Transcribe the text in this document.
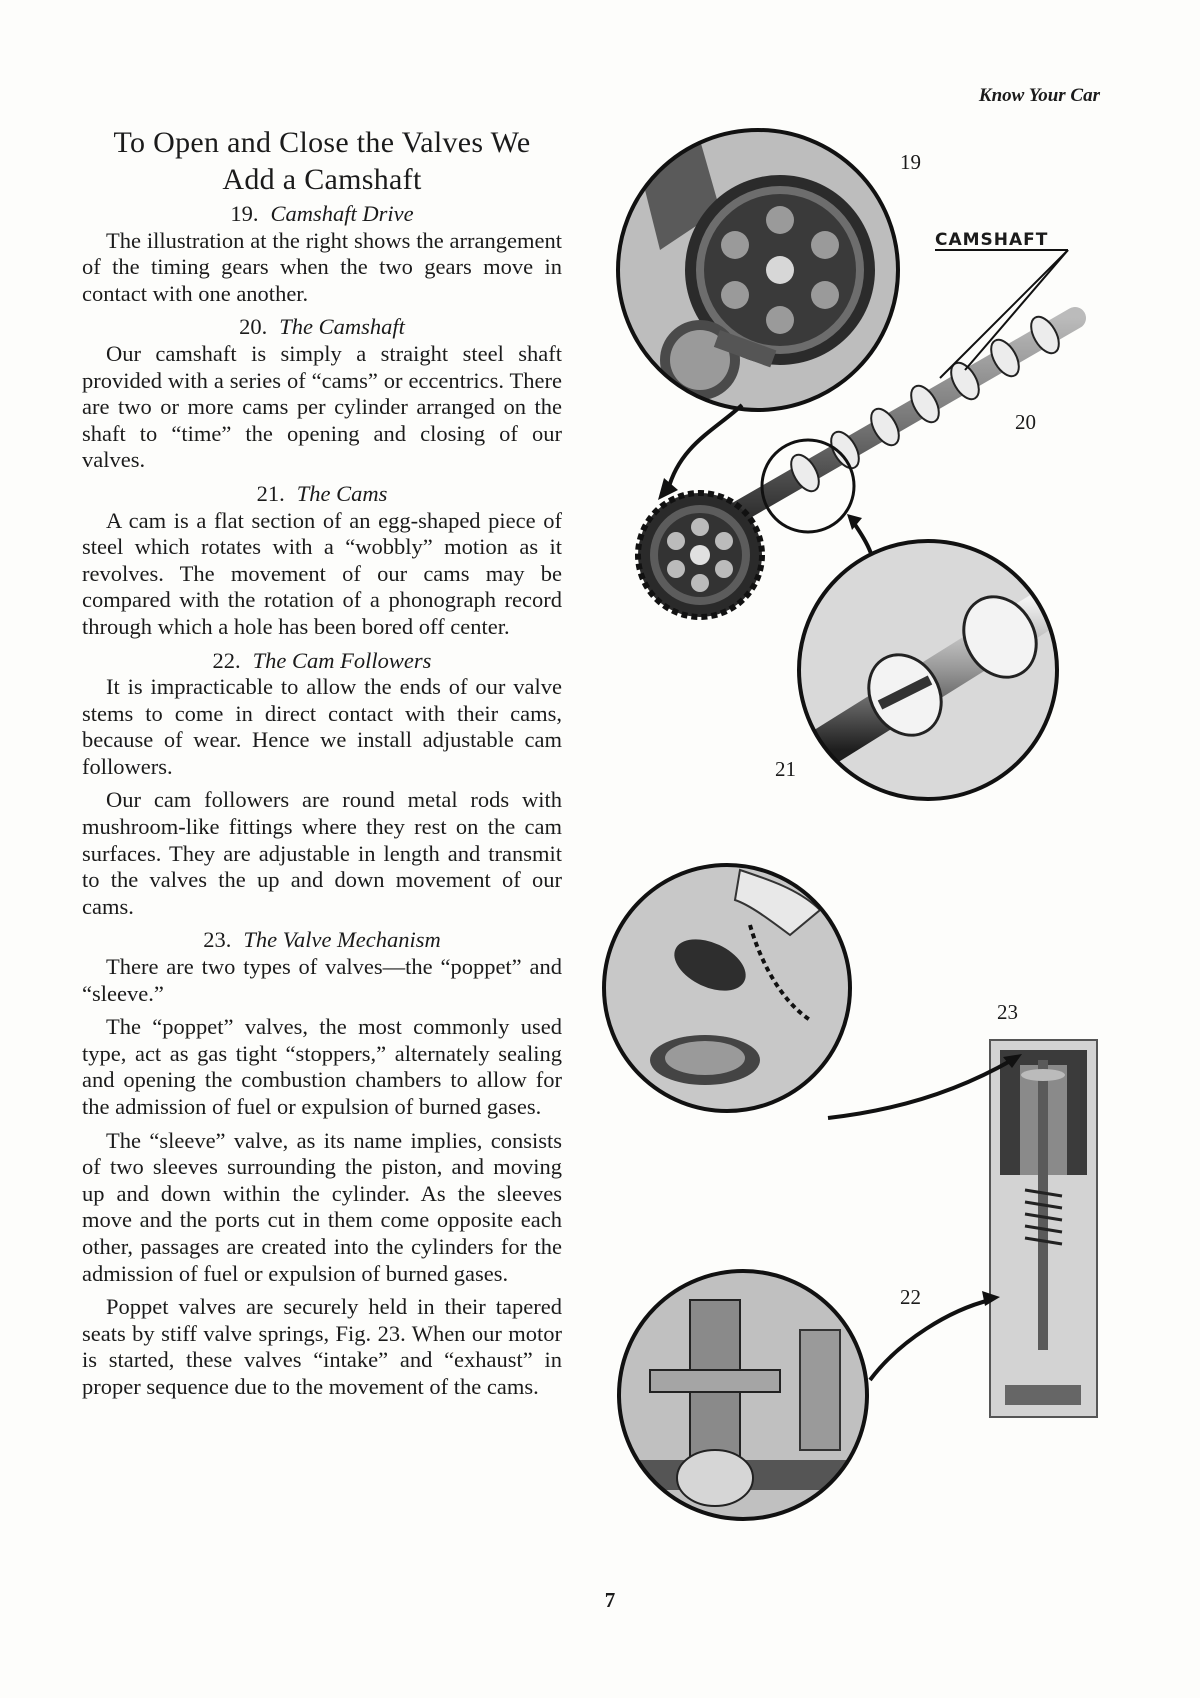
Know Your Car
To Open and Close the Valves We
Add a Camshaft
19. Camshaft Drive

The illustration at the right shows the arrangement of the timing gears when the two gears move in contact with one another.

20. The Camshaft

Our camshaft is simply a straight steel shaft provided with a series of “cams” or eccentrics. There are two or more cams per cylinder arranged on the shaft to “time” the opening and closing of our valves.

21. The Cams

A cam is a flat section of an egg-shaped piece of steel which rotates with a “wobbly” motion as it revolves. The movement of our cams may be compared with the rotation of a phonograph record through which a hole has been bored off center.

22. The Cam Followers

It is impracticable to allow the ends of our valve stems to come in direct contact with their cams, because of wear. Hence we install adjustable cam followers.

Our cam followers are round metal rods with mushroom-like fittings where they rest on the cam surfaces. They are adjustable in length and transmit to the valves the up and down movement of our cams.

23. The Valve Mechanism

There are two types of valves—the “poppet” and “sleeve.”

The “poppet” valves, the most commonly used type, act as gas tight “stoppers,” alternately sealing and opening the combustion chambers to allow for the admission of fuel or expulsion of burned gases.

The “sleeve” valve, as its name implies, consists of two sleeves surrounding the piston, and moving up and down within the cylinder. As the sleeves move and the ports cut in them come opposite each other, passages are created into the cylinders for the admission of fuel or expulsion of burned gases.

Poppet valves are securely held in their tapered seats by stiff valve springs, Fig. 23. When our motor is started, these valves “intake” and “exhaust” in proper sequence due to the movement of the cams.

CAMSHAFT
19
20
21
23
22
7
